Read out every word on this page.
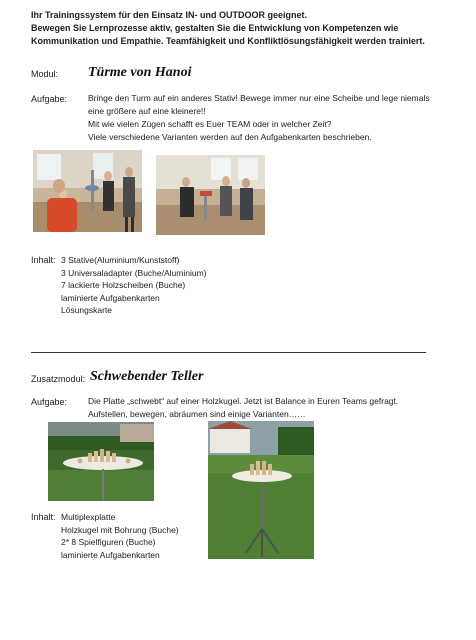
Ihr Trainingssystem für den Einsatz IN- und OUTDOOR geeignet.
Bewegen Sie Lernprozesse aktiv, gestalten Sie die Entwicklung von Kompetenzen wie
Kommunikation und Empathie. Teamfähigkeit und Konfliktlösungsfähigkeit werden trainiert.
Modul: Türme von Hanoi
Aufgabe: Bringe den Turm auf ein anderes Stativ! Bewege immer nur eine Scheibe und lege niemals
eine größere auf eine kleinere!!
Mit wie vielen Zügen schafft es Euer TEAM oder in welcher Zeit?
Viele verschiedene Varianten werden auf den Aufgabenkarten beschrieben.
Inhalt: 3 Stative(Aluminium/Kunststoff)
3 Universaladapter (Buche/Aluminium)
7 lackierte Holzscheiben (Buche)
laminierte Aufgabenkarten
Lösungskarte
Zusatzmodul: Schwebender Teller
Aufgabe: Die Platte „schwebt“ auf einer Holzkugel. Jetzt ist Balance in Euren Teams gefragt.
Aufstellen, bewegen, abräumen sind einige Varianten……
Inhalt: Multiplexplatte
Holzkugel mit Bohrung (Buche)
2* 8 Spielfiguren (Buche)
laminierte Aufgabenkarten
